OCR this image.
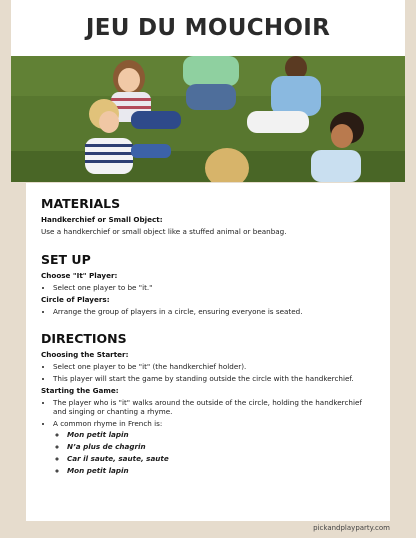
JEU DU MOUCHOIR
MATERIALS
Handkerchief or Small Object:

Use a handkerchief or small object like a stuffed animal or beanbag.

SET UP
Choose "It" Player:
• Select one player to be "it."
Circle of Players:
• Arrange the group of players in a circle, ensuring everyone is seated.
DIRECTIONS
Choosing the Starter:
• Select one player to be "it" (the handkerchief holder).
• This player will start the game by standing outside the circle with the handkerchief.
Starting the Game:
• The player who is "it" walks around the outside of the circle, holding the handkerchief and singing or chanting a rhyme.
• A common rhyme in French is:
◦ Mon petit lapin
◦ N’a plus de chagrin
◦ Car il saute, saute, saute
◦ Mon petit lapin
pickandplayparty.com
